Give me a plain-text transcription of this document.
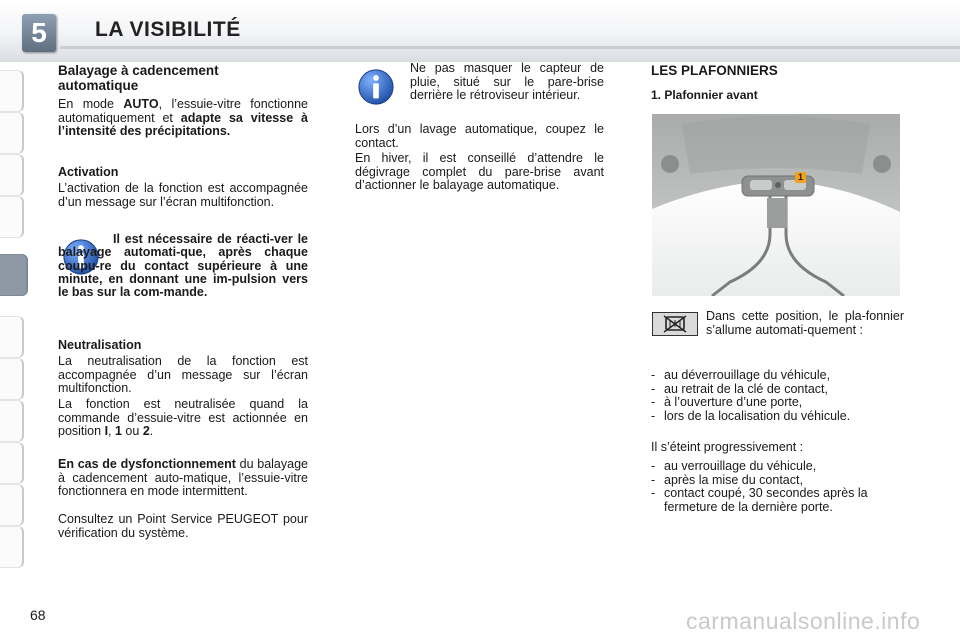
5	LA VISIBILITÉ
Balayage à cadencement automatique
En mode AUTO, l’essuie-vitre fonctionne automatiquement et adapte sa vitesse à l’intensité des précipitations.
Activation
L’activation de la fonction est accompagnée d’un message sur l’écran multifonction.
Il est nécessaire de réacti-ver le balayage automati-que, après chaque coupu-re du contact supérieure à une minute, en donnant une im-pulsion vers le bas sur la com-mande.
Neutralisation
La neutralisation de la fonction est accompagnée d’un message sur l’écran multifonction.
La fonction est neutralisée quand la commande d’essuie-vitre est actionnée en position I, 1 ou 2.
En cas de dysfonctionnement du balayage à cadencement auto-matique, l’essuie-vitre fonctionnera en mode intermittent.
Consultez un Point Service PEUGEOT pour vérification du système.
Ne pas masquer le capteur de pluie, situé sur le pare-brise derrière le rétroviseur intérieur.
Lors d’un lavage automatique, coupez le contact.
En hiver, il est conseillé d’attendre le dégivrage complet du pare-brise avant d’actionner le balayage automatique.
LES PLAFONNIERS
1. Plafonnier avant
1
Dans cette position, le pla-fonnier s’allume automati-quement :
- au déverrouillage du véhicule,
- au retrait de la clé de contact,
- à l’ouverture d’une porte,
- lors de la localisation du véhicule.
Il s’éteint progressivement :
- au verrouillage du véhicule,
- après la mise du contact,
- contact coupé, 30 secondes après la fermeture de la dernière porte.
68	carmanualsonline.info
